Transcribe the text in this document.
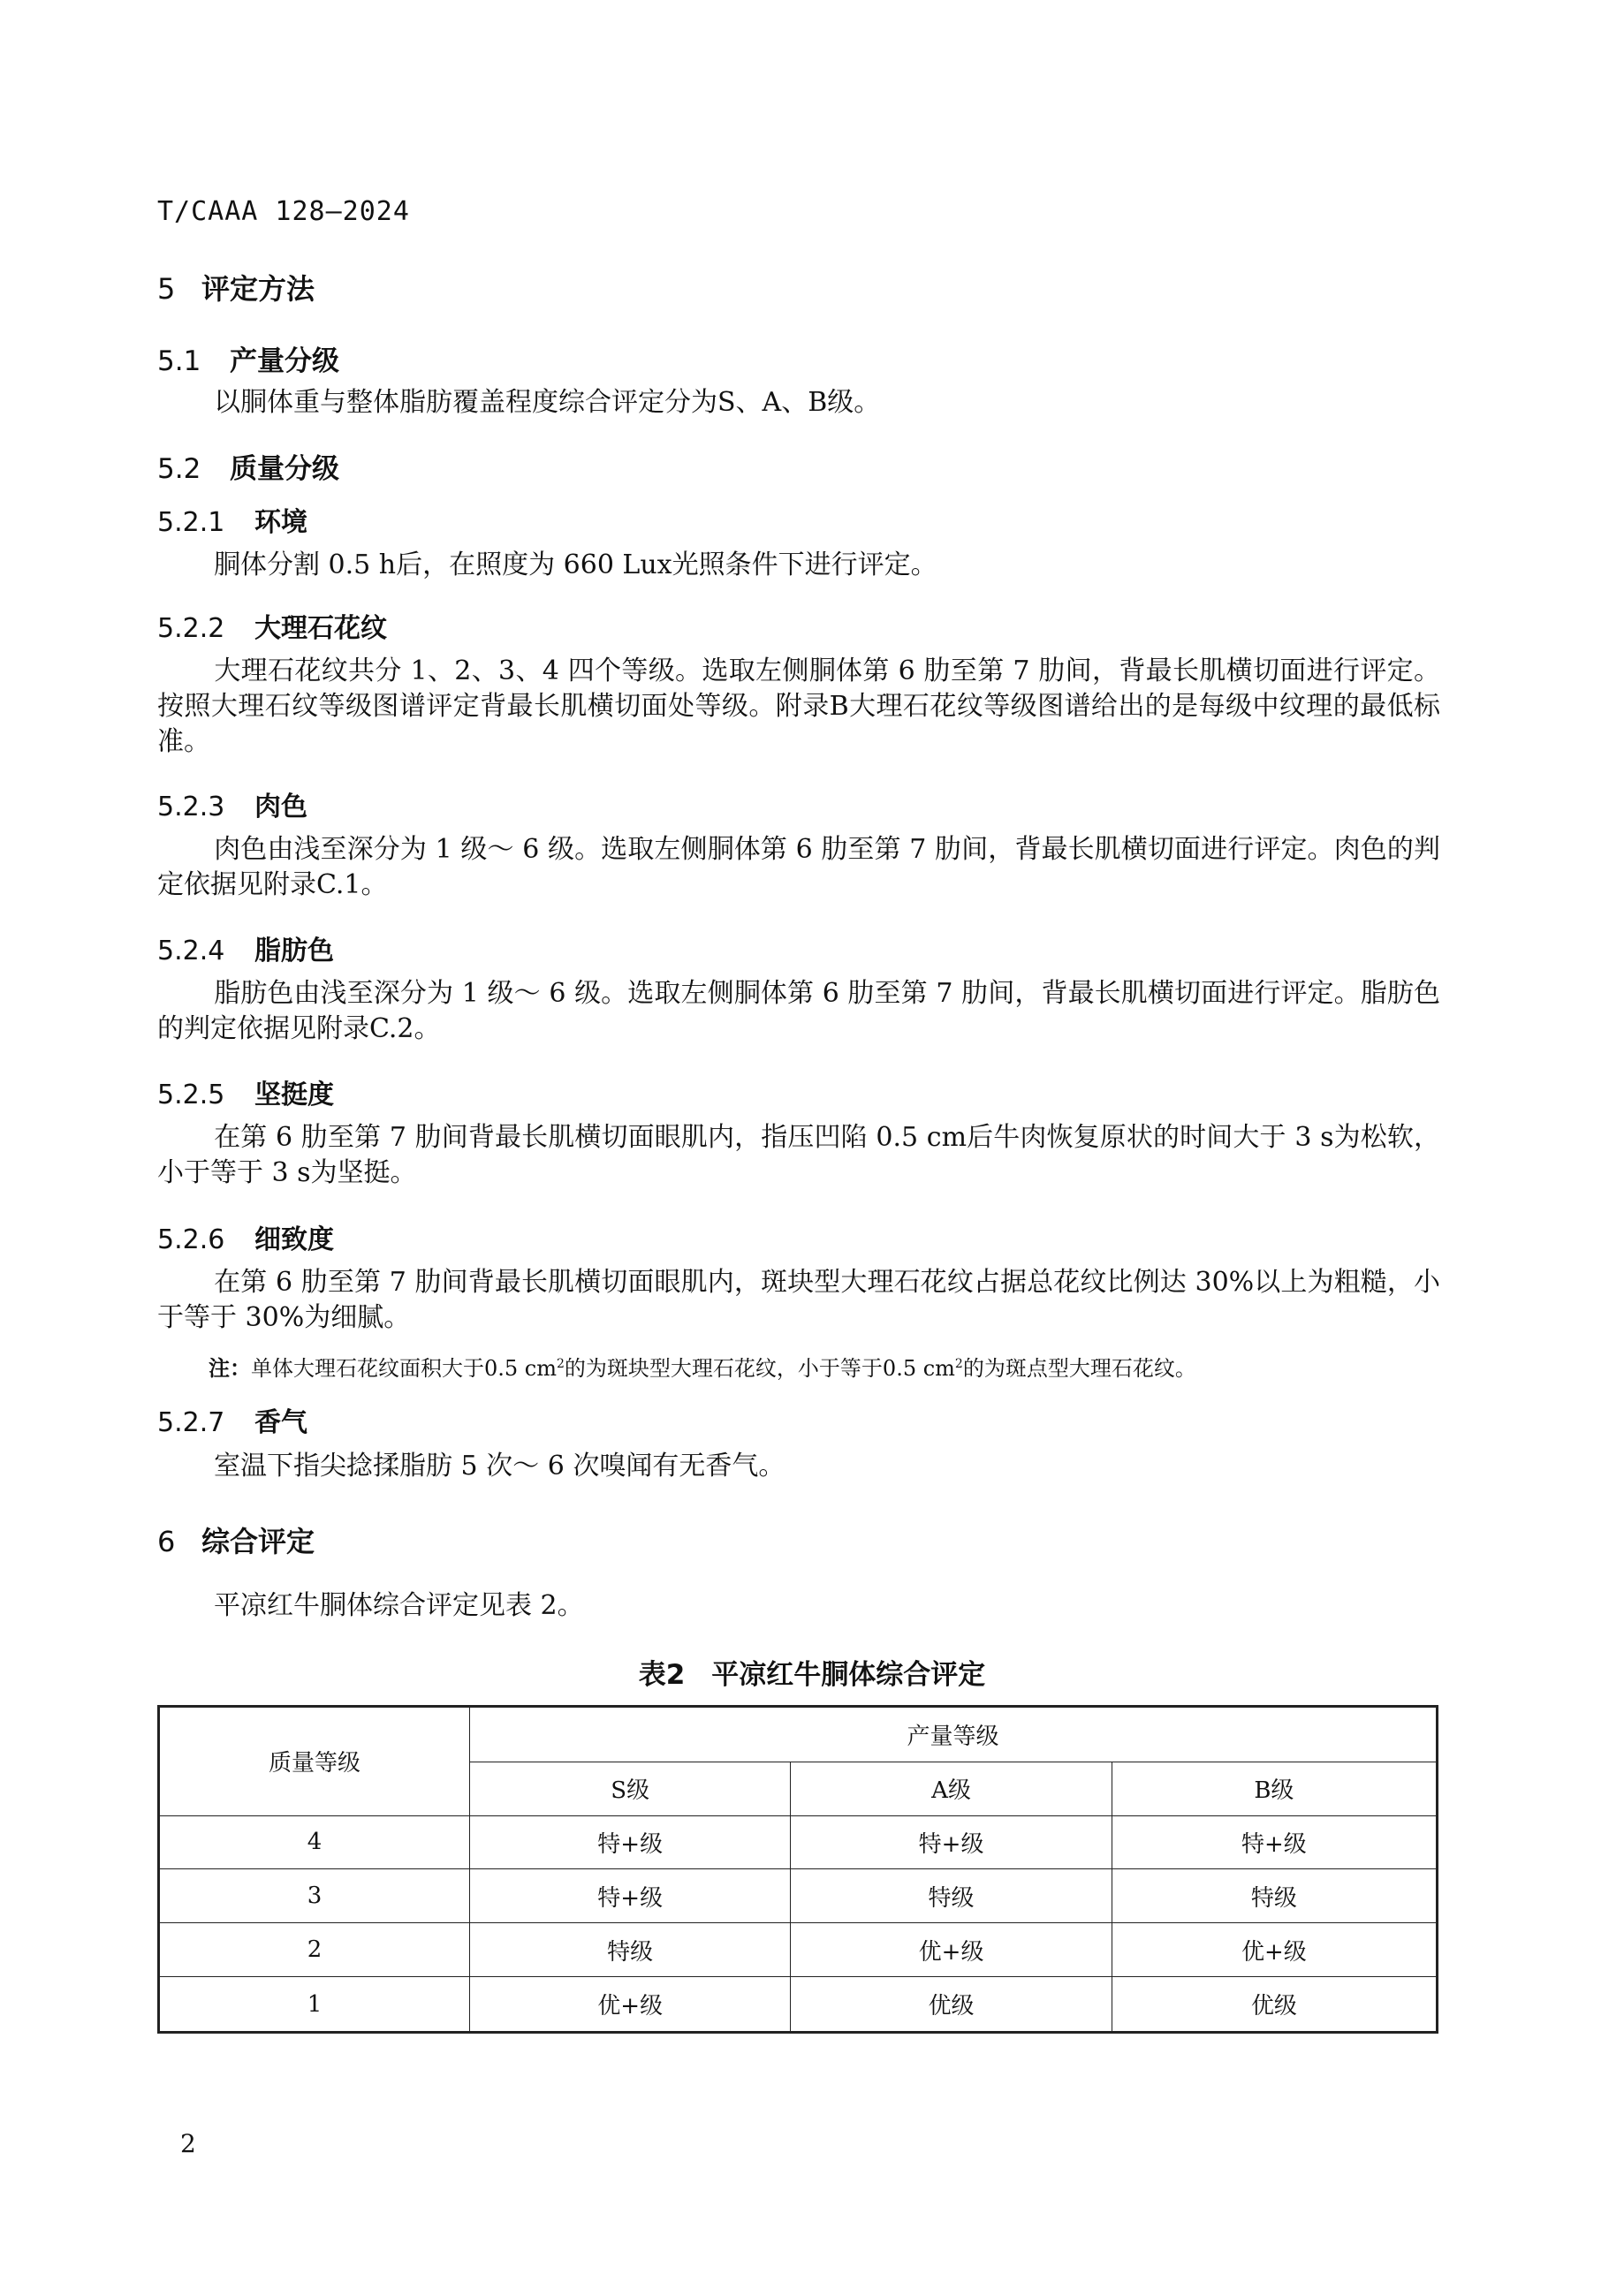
T/CAAA 128—2024
5 评定方法
5.1 产量分级
以胴体重与整体脂肪覆盖程度综合评定分为S、A、B级。
5.2 质量分级
5.2.1 环境
胴体分割 0.5 h后，在照度为 660 Lux光照条件下进行评定。
5.2.2 大理石花纹
大理石花纹共分 1、2、3、4 四个等级。选取左侧胴体第 6 肋至第 7 肋间，背最长肌横切面进行评定。按照大理石纹等级图谱评定背最长肌横切面处等级。附录B大理石花纹等级图谱给出的是每级中纹理的最低标准。
5.2.3 肉色
肉色由浅至深分为 1 级～ 6 级。选取左侧胴体第 6 肋至第 7 肋间，背最长肌横切面进行评定。肉色的判定依据见附录C.1。
5.2.4 脂肪色
脂肪色由浅至深分为 1 级～ 6 级。选取左侧胴体第 6 肋至第 7 肋间，背最长肌横切面进行评定。脂肪色的判定依据见附录C.2。
5.2.5 坚挺度
在第 6 肋至第 7 肋间背最长肌横切面眼肌内，指压凹陷 0.5 cm后牛肉恢复原状的时间大于 3 s为松软，小于等于 3 s为坚挺。
5.2.6 细致度
在第 6 肋至第 7 肋间背最长肌横切面眼肌内，斑块型大理石花纹占据总花纹比例达 30%以上为粗糙，小于等于 30%为细腻。
注：单体大理石花纹面积大于0.5 $cm^2$的为斑块型大理石花纹，小于等于0.5 $cm^2$的为斑点型大理石花纹。
5.2.7 香气
室温下指尖捻揉脂肪 5 次～ 6 次嗅闻有无香气。
6 综合评定
平凉红牛胴体综合评定见表 2。
表2 平凉红牛胴体综合评定
质量等级	产量等级		
	S级	A级	B级
4	特+级	特+级	特+级
3	特+级	特级	特级
2	特级	优+级	优+级
1	优+级	优级	优级
2
